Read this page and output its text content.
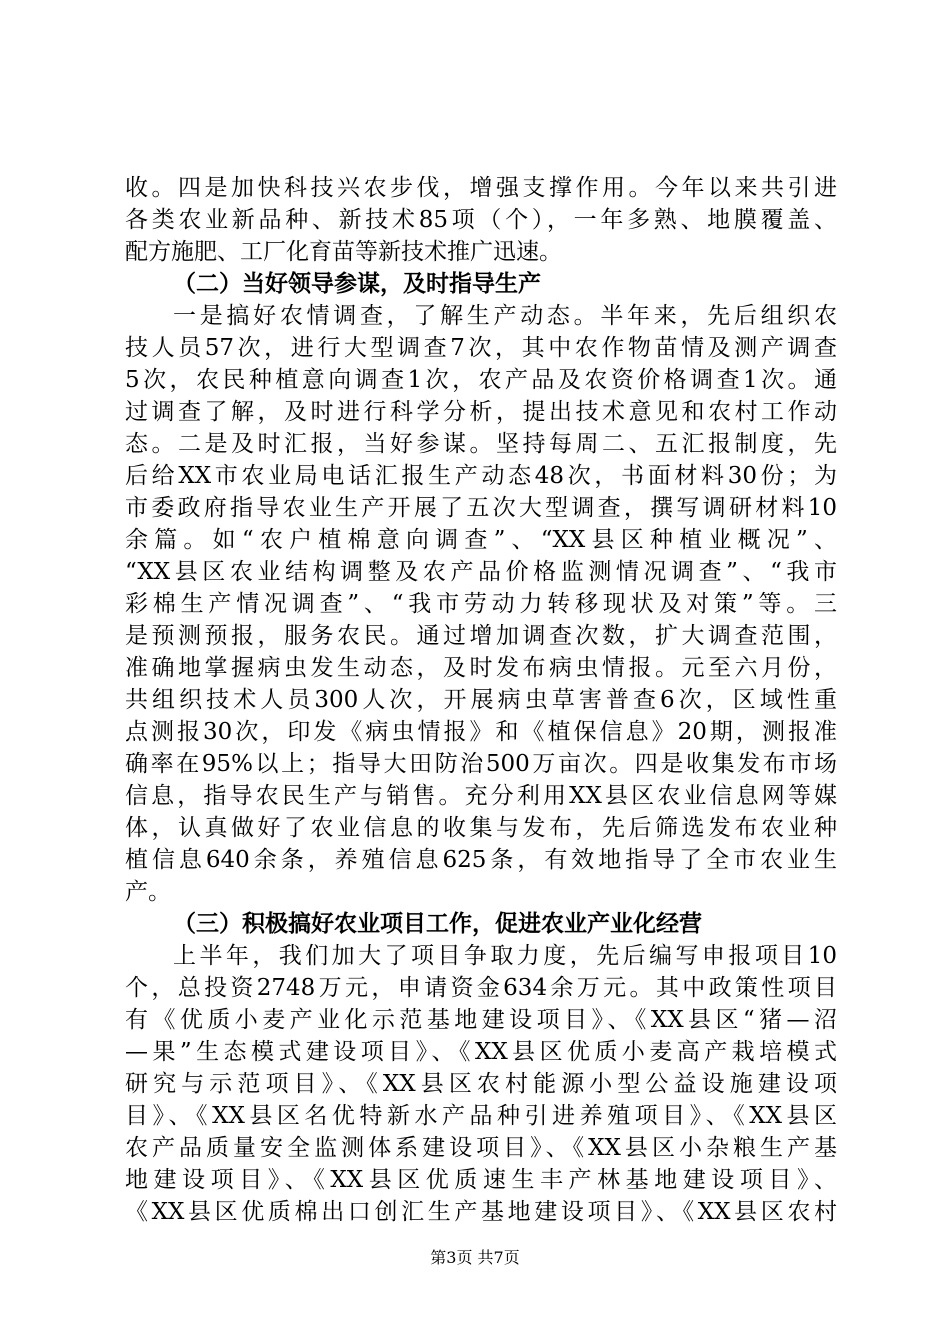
收。四是加快科技兴农步伐，增强支撑作用。今年以来共引进
各类农业新品种、新技术85项（个），一年多熟、地膜覆盖、
配方施肥、工厂化育苗等新技术推广迅速。
（二）当好领导参谋，及时指导生产
一是搞好农情调查，了解生产动态。半年来，先后组织农
技人员57次，进行大型调查7次，其中农作物苗情及测产调查
5次，农民种植意向调查1次，农产品及农资价格调查1次。通
过调查了解，及时进行科学分析，提出技术意见和农村工作动
态。二是及时汇报，当好参谋。坚持每周二、五汇报制度，先
后给XX市农业局电话汇报生产动态48次，书面材料30份；为
市委政府指导农业生产开展了五次大型调查，撰写调研材料10
余篇。如“农户植棉意向调查”、“XX县区种植业概况”、
“XX县区农业结构调整及农产品价格监测情况调查”、“我市
彩棉生产情况调查”、“我市劳动力转移现状及对策”等。三
是预测预报，服务农民。通过增加调查次数，扩大调查范围，
准确地掌握病虫发生动态，及时发布病虫情报。元至六月份，
共组织技术人员300人次，开展病虫草害普查6次，区域性重
点测报30次，印发《病虫情报》和《植保信息》20期，测报准
确率在95%以上；指导大田防治500万亩次。四是收集发布市场
信息，指导农民生产与销售。充分利用XX县区农业信息网等媒
体，认真做好了农业信息的收集与发布，先后筛选发布农业种
植信息640余条，养殖信息625条，有效地指导了全市农业生
产。
（三）积极搞好农业项目工作，促进农业产业化经营
上半年，我们加大了项目争取力度，先后编写申报项目10
个，总投资2748万元，申请资金634余万元。其中政策性项目
有《优质小麦产业化示范基地建设项目》、《XX县区“猪—沼
—果”生态模式建设项目》、《XX县区优质小麦高产栽培模式
研究与示范项目》、《XX县区农村能源小型公益设施建设项
目》、《XX县区名优特新水产品种引进养殖项目》、《XX县区
农产品质量安全监测体系建设项目》、《XX县区小杂粮生产基
地建设项目》、《XX县区优质速生丰产林基地建设项目》、
《XX县区优质棉出口创汇生产基地建设项目》、《XX县区农村
第3页 共7页
